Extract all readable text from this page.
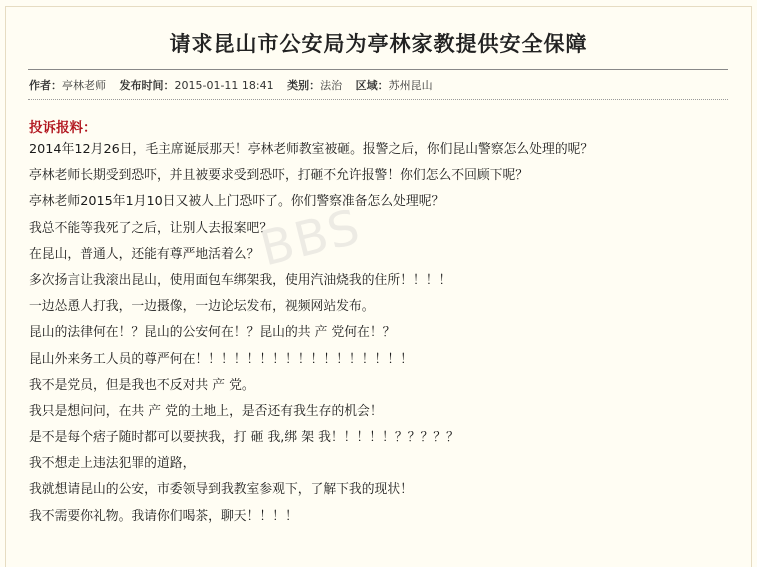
请求昆山市公安局为亭林家教提供安全保障
作者：亭林老师 发布时间：2015-01-11 18:41 类别：法治 区域：苏州昆山
投诉报料：
2014年12月26日，毛主席诞辰那天！亭林老师教室被砸。报警之后，你们昆山警察怎么处理的呢？
亭林老师长期受到恐吓，并且被要求受到恐吓，打砸不允许报警！你们怎么不回顾下呢？
亭林老师2015年1月10日又被人上门恐吓了。你们警察准备怎么处理呢？
我总不能等我死了之后，让别人去报案吧？
在昆山，普通人，还能有尊严地活着么？
多次扬言让我滚出昆山，使用面包车绑架我，使用汽油烧我的住所！！！！
一边怂恿人打我，一边摄像，一边论坛发布，视频网站发布。
昆山的法律何在！？昆山的公安何在！？昆山的共 产 党何在！？
昆山外来务工人员的尊严何在！！！！！！！！！！！！！！！！！
我不是党员，但是我也不反对共 产 党。
我只是想问问，在共 产 党的土地上，是否还有我生存的机会！
是不是每个痞子随时都可以要挟我，打 砸 我,绑 架 我！！！！！？？？？？
我不想走上违法犯罪的道路，
我就想请昆山的公安，市委领导到我教室参观下，了解下我的现状！
我不需要你礼物。我请你们喝茶，聊天！！！！
BBS
